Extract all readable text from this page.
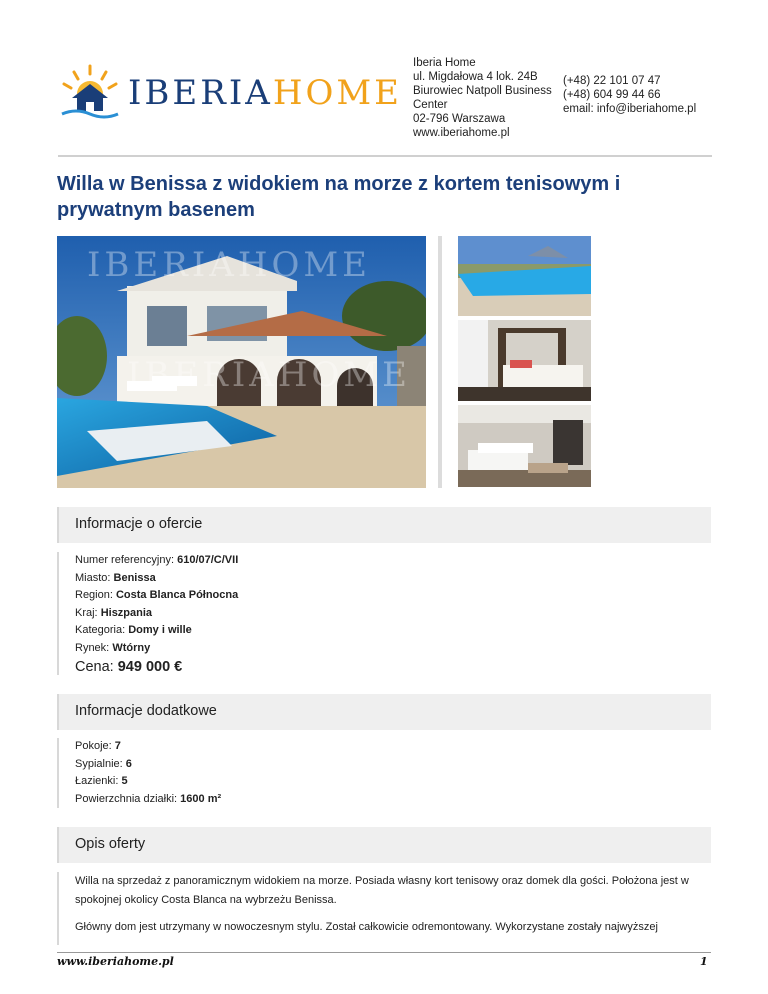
IBERIAHOME
Iberia Home
ul. Migdałowa 4 lok. 24B
Biurowiec Natpoll Business
Center
02-796 Warszawa
www.iberiahome.pl
(+48) 22 101 07 47
(+48) 604 99 44 66
email: info@iberiahome.pl
Willa w Benissa z widokiem na morze z kortem tenisowym i prywatnym basenem
IBERIAHOME
IBERIAHOME
Informacje o ofercie
Numer referencyjny: 610/07/C/VII
Miasto: Benissa
Region: Costa Blanca Północna
Kraj: Hiszpania
Kategoria: Domy i wille
Rynek: Wtórny
Cena: 949 000 €
Informacje dodatkowe
Pokoje: 7
Sypialnie: 6
Łazienki: 5
Powierzchnia działki: 1600 m²
Opis oferty

Willa na sprzedaż z panoramicznym widokiem na morze. Posiada własny kort tenisowy oraz domek dla gości. Położona jest w spokojnej okolicy Costa Blanca na wybrzeżu Benissa.

Główny dom jest utrzymany w nowoczesnym stylu. Został całkowicie odremontowany. Wykorzystane zostały najwyższej

www.iberiahome.pl	1
